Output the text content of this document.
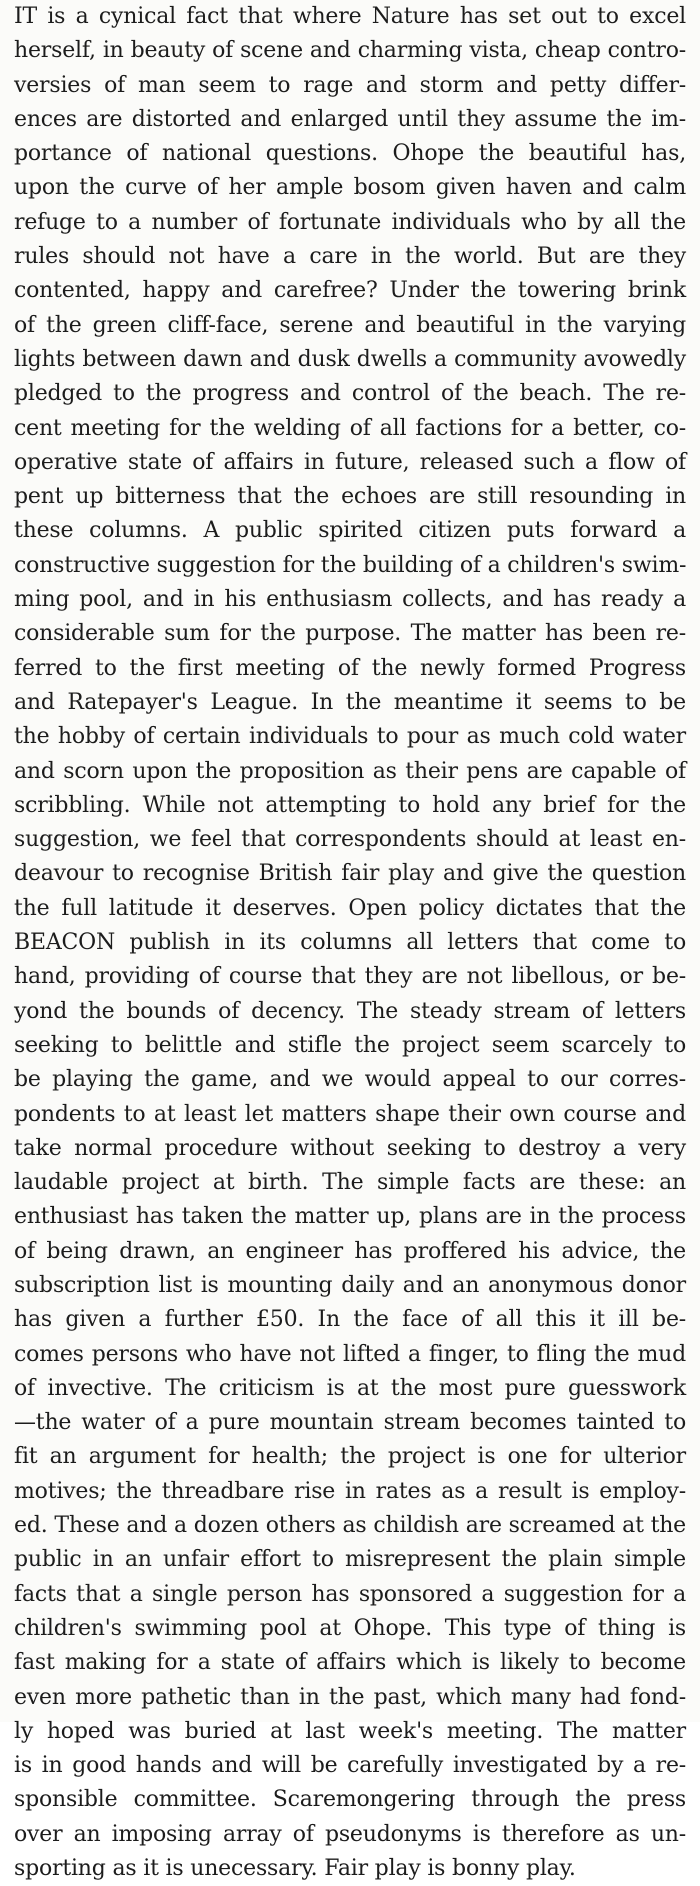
IT is a cynical fact that where Nature has set out to excel
herself, in beauty of scene and charming vista, cheap contro-
versies of man seem to rage and storm and petty differ-
ences are distorted and enlarged until they assume the im-
portance of national questions. Ohope the beautiful has,
upon the curve of her ample bosom given haven and calm
refuge to a number of fortunate individuals who by all the
rules should not have a care in the world. But are they
contented, happy and carefree? Under the towering brink
of the green cliff-face, serene and beautiful in the varying
lights between dawn and dusk dwells a community avowedly
pledged to the progress and control of the beach. The re-
cent meeting for the welding of all factions for a better, co-
operative state of affairs in future, released such a flow of
pent up bitterness that the echoes are still resounding in
these columns. A public spirited citizen puts forward a
constructive suggestion for the building of a children's swim-
ming pool, and in his enthusiasm collects, and has ready a
considerable sum for the purpose. The matter has been re-
ferred to the first meeting of the newly formed Progress
and Ratepayer's League. In the meantime it seems to be
the hobby of certain individuals to pour as much cold water
and scorn upon the proposition as their pens are capable of
scribbling. While not attempting to hold any brief for the
suggestion, we feel that correspondents should at least en-
deavour to recognise British fair play and give the question
the full latitude it deserves. Open policy dictates that the
BEACON publish in its columns all letters that come to
hand, providing of course that they are not libellous, or be-
yond the bounds of decency. The steady stream of letters
seeking to belittle and stifle the project seem scarcely to
be playing the game, and we would appeal to our corres-
pondents to at least let matters shape their own course and
take normal procedure without seeking to destroy a very
laudable project at birth. The simple facts are these: an
enthusiast has taken the matter up, plans are in the process
of being drawn, an engineer has proffered his advice, the
subscription list is mounting daily and an anonymous donor
has given a further £50. In the face of all this it ill be-
comes persons who have not lifted a finger, to fling the mud
of invective. The criticism is at the most pure guesswork
—the water of a pure mountain stream becomes tainted to
fit an argument for health; the project is one for ulterior
motives; the threadbare rise in rates as a result is employ-
ed. These and a dozen others as childish are screamed at the
public in an unfair effort to misrepresent the plain simple
facts that a single person has sponsored a suggestion for a
children's swimming pool at Ohope. This type of thing is
fast making for a state of affairs which is likely to become
even more pathetic than in the past, which many had fond-
ly hoped was buried at last week's meeting. The matter
is in good hands and will be carefully investigated by a re-
sponsible committee. Scaremongering through the press
over an imposing array of pseudonyms is therefore as un-
sporting as it is unecessary. Fair play is bonny play.
